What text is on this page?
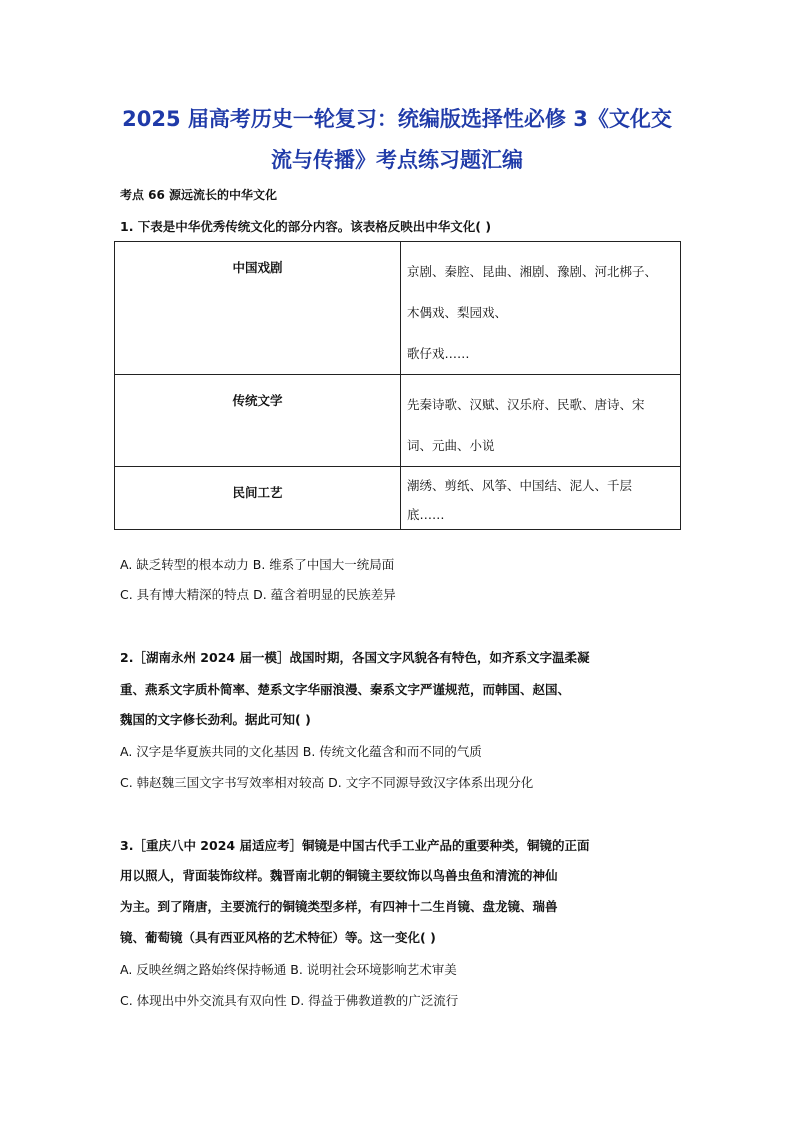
2025 届高考历史一轮复习：统编版选择性必修 3《文化交
流与传播》考点练习题汇编
考点 66 源远流长的中华文化
1. 下表是中华优秀传统文化的部分内容。该表格反映出中华文化( )
中国戏剧	京剧、秦腔、昆曲、湘剧、豫剧、河北梆子、
木偶戏、梨园戏、
歌仔戏……

传统文学	先秦诗歌、汉赋、汉乐府、民歌、唐诗、宋
词、元曲、小说

民间工艺	潮绣、剪纸、风筝、中国结、泥人、千层
底……
A. 缺乏转型的根本动力 B. 维系了中国大一统局面
C. 具有博大精深的特点 D. 蕴含着明显的民族差异
2.［湖南永州 2024 届一模］战国时期，各国文字风貌各有特色，如齐系文字温柔凝
重、燕系文字质朴简率、楚系文字华丽浪漫、秦系文字严谨规范，而韩国、赵国、
魏国的文字修长劲利。据此可知( )
A. 汉字是华夏族共同的文化基因 B. 传统文化蕴含和而不同的气质
C. 韩赵魏三国文字书写效率相对较高 D. 文字不同源导致汉字体系出现分化
3.［重庆八中 2024 届适应考］铜镜是中国古代手工业产品的重要种类，铜镜的正面
用以照人，背面装饰纹样。魏晋南北朝的铜镜主要纹饰以鸟兽虫鱼和清流的神仙
为主。到了隋唐，主要流行的铜镜类型多样，有四神十二生肖镜、盘龙镜、瑞兽
镜、葡萄镜（具有西亚风格的艺术特征）等。这一变化( )
A. 反映丝绸之路始终保持畅通 B. 说明社会环境影响艺术审美
C. 体现出中外交流具有双向性 D. 得益于佛教道教的广泛流行
